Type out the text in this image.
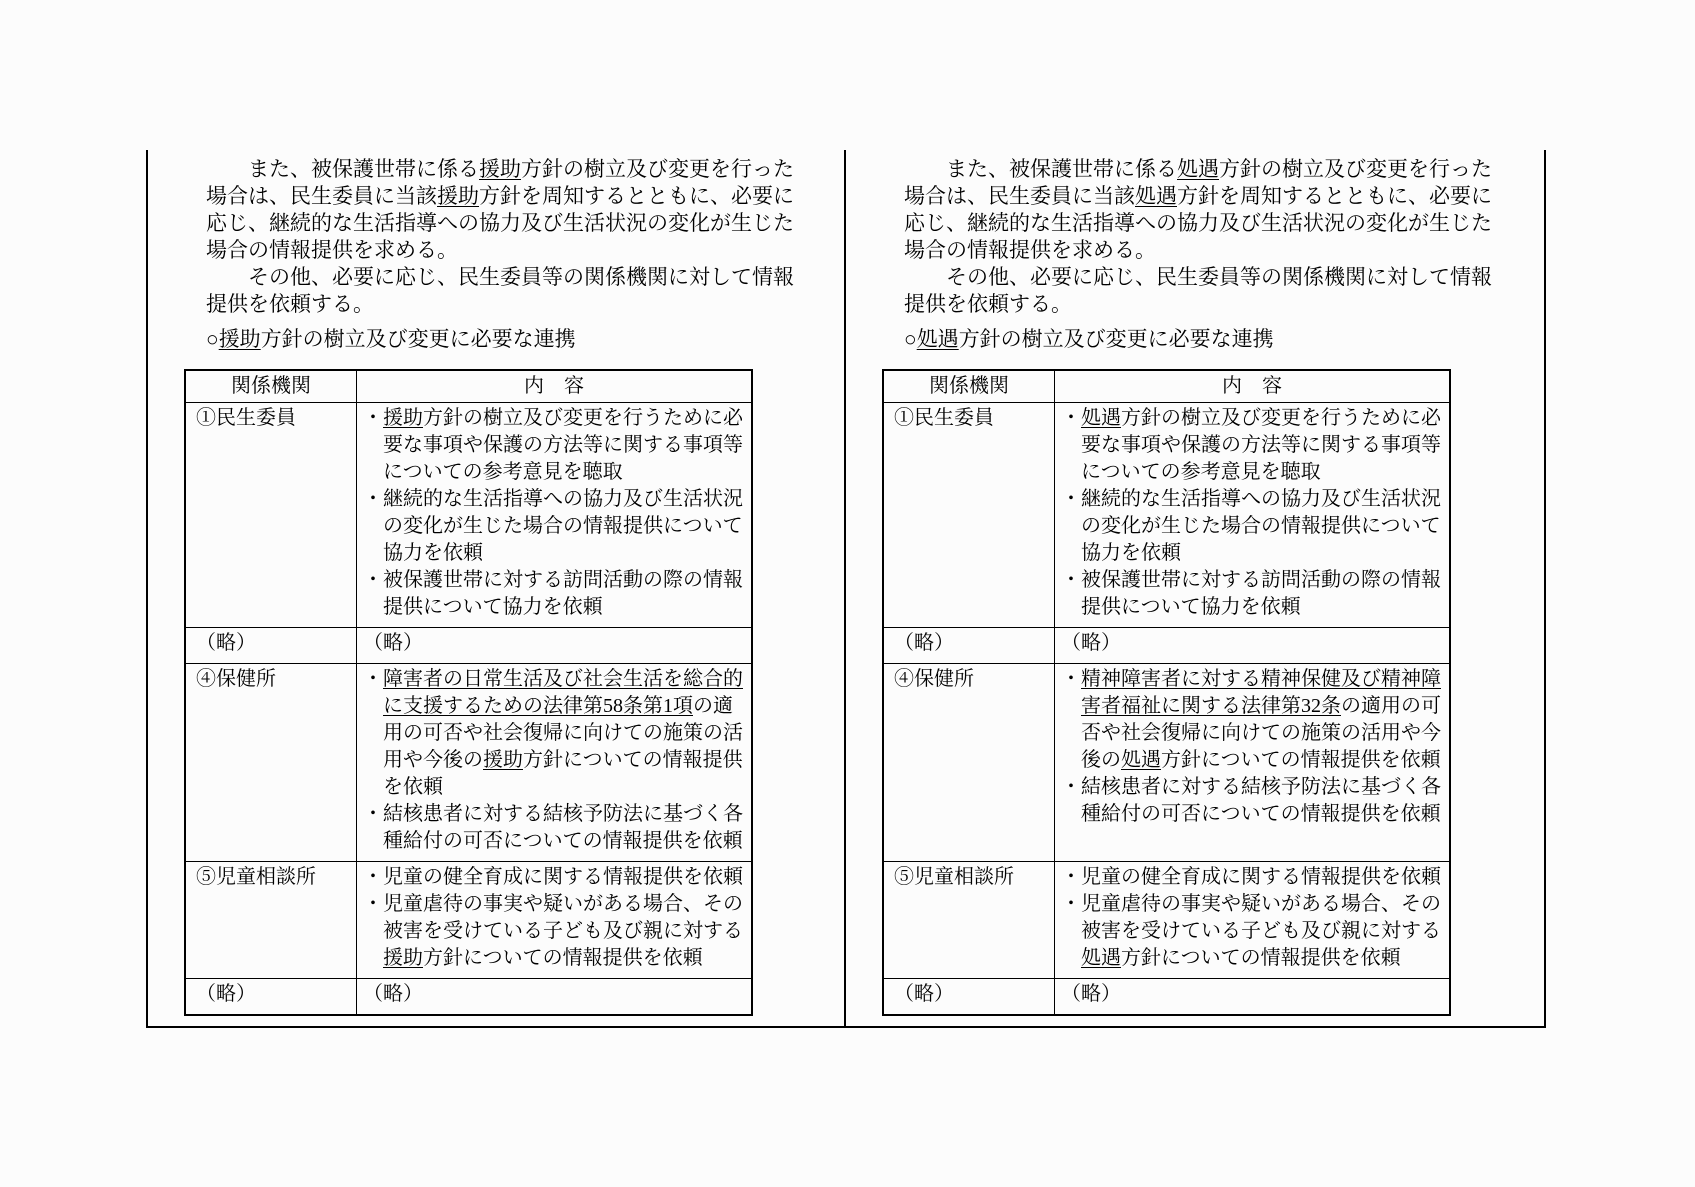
また、被保護世帯に係る援助方針の樹立及び変更を行った場合は、民生委員に当該援助方針を周知するとともに、必要に応じ、継続的な生活指導への協力及び生活状況の変化が生じた場合の情報提供を求める。

その他、必要に応じ、民生委員等の関係機関に対して情報提供を依頼する。

○援助方針の樹立及び変更に必要な連携
関係機関	内　容
①民生委員	・援助方針の樹立及び変更を行うために必要な事項や保護の方法等に関する事項等についての参考意見を聴取
・継続的な生活指導への協力及び生活状況の変化が生じた場合の情報提供について協力を依頼
・被保護世帯に対する訪問活動の際の情報提供について協力を依頼

（略）	（略）

④保健所	・障害者の日常生活及び社会生活を総合的に支援するための法律第58条第1項の適用の可否や社会復帰に向けての施策の活用や今後の援助方針についての情報提供を依頼
・結核患者に対する結核予防法に基づく各種給付の可否についての情報提供を依頼

⑤児童相談所	・児童の健全育成に関する情報提供を依頼
・児童虐待の事実や疑いがある場合、その被害を受けている子ども及び親に対する援助方針についての情報提供を依頼

（略）	（略）

また、被保護世帯に係る処遇方針の樹立及び変更を行った場合は、民生委員に当該処遇方針を周知するとともに、必要に応じ、継続的な生活指導への協力及び生活状況の変化が生じた場合の情報提供を求める。

その他、必要に応じ、民生委員等の関係機関に対して情報提供を依頼する。

○処遇方針の樹立及び変更に必要な連携
関係機関	内　容
①民生委員	・処遇方針の樹立及び変更を行うために必要な事項や保護の方法等に関する事項等についての参考意見を聴取
・継続的な生活指導への協力及び生活状況の変化が生じた場合の情報提供について協力を依頼
・被保護世帯に対する訪問活動の際の情報提供について協力を依頼

（略）	（略）

④保健所	・精神障害者に対する精神保健及び精神障害者福祉に関する法律第32条の適用の可否や社会復帰に向けての施策の活用や今後の処遇方針についての情報提供を依頼
・結核患者に対する結核予防法に基づく各種給付の可否についての情報提供を依頼

⑤児童相談所	・児童の健全育成に関する情報提供を依頼
・児童虐待の事実や疑いがある場合、その被害を受けている子ども及び親に対する処遇方針についての情報提供を依頼

（略）	（略）
